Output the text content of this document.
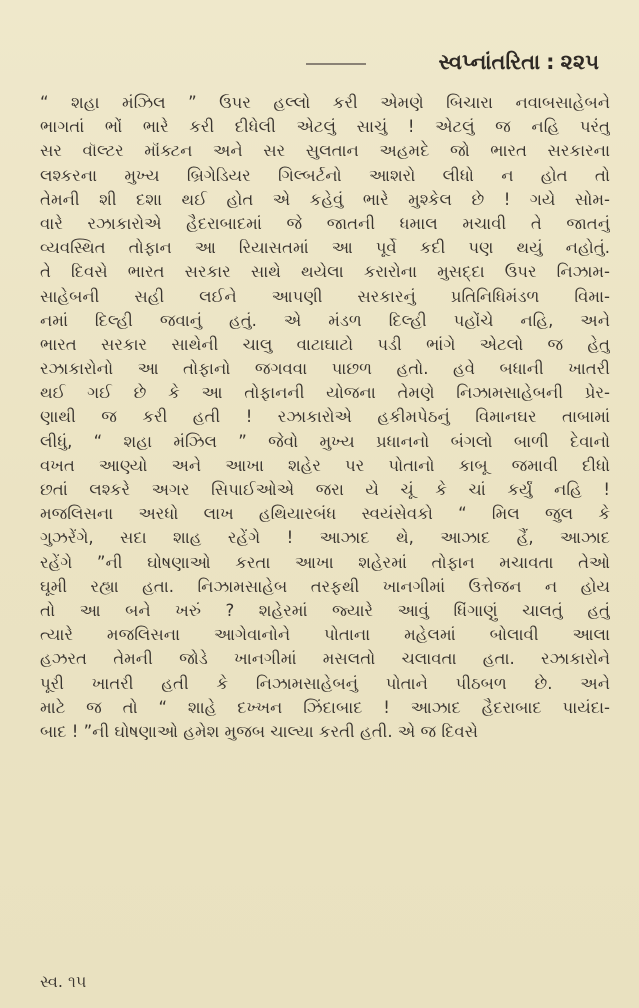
સ્વપ્નાંતરિતા : ૨૨૫
“ શહા મંઝિલ ” ઉપર હલ્લો કરી એમણે બિચારા નવાબસાહેબને
ભાગતાં ભોં ભારે કરી દીધેલી એટલું સાચું ! એટલું જ નહિ પરંતુ
સર વૉલ્ટર મૉંક્ટન અને સર સુલતાન અહમદે જો ભારત સરકારના
લશ્કરના મુખ્ય બ્રિગેડિયર ગિલ્બર્ટનો આશરો લીધો ન હોત તો
તેમની શી દશા થઈ હોત એ કહેવું ભારે મુશ્કેલ છે ! ગયે સોમ-
વારે રઝાકારોએ હૈદરાબાદમાં જે જાતની ધમાલ મચાવી તે જાતનું
વ્યવસ્થિત તોફાન આ રિયાસતમાં આ પૂર્વે કદી પણ થયું નહોતું.
તે દિવસે ભારત સરકાર સાથે થયેલા કરારોના મુસદ્દા ઉપર નિઝામ-
સાહેબની સહી લઈને આપણી સરકારનું પ્રતિનિધિમંડળ વિમા-
નમાં દિલ્હી જવાનું હતું. એ મંડળ દિલ્હી પહોંચે નહિ, અને
ભારત સરકાર સાથેની ચાલુ વાટાઘાટો પડી ભાંગે એટલો જ હેતુ
રઝાકારોનો આ તોફાનો જગવવા પાછળ હતો. હવે બધાની ખાતરી
થઈ ગઈ છે કે આ તોફાનની યોજના તેમણે નિઝામસાહેબની પ્રેર-
ણાથી જ કરી હતી ! રઝાકારોએ હકીમપેઠનું વિમાનઘર તાબામાં
લીધું, “ શહા મંઝિલ ” જેવો મુખ્ય પ્રધાનનો બંગલો બાળી દેવાનો
વખત આણ્યો અને આખા શહેર પર પોતાનો કાબૂ જમાવી દીધો
છતાં લશ્કરે અગર સિપાઈઓએ જરા યે ચૂં કે ચાં કર્યું નહિ !
મજલિસના અરધો લાખ હથિયારબંધ સ્વયંસેવકો “ મિલ જુલ કે
ગુઝરેંગે, સદા શાહ રહેંગે ! આઝાદ થે, આઝાદ હૈં, આઝાદ
રહેંગે ”ની ઘોષણાઓ કરતા આખા શહેરમાં તોફાન મચાવતા તેઓ
ઘૂમી રહ્યા હતા. નિઝામસાહેબ તરફથી ખાનગીમાં ઉત્તેજન ન હોય
તો આ બને ખરું ? શહેરમાં જ્યારે આવું ધિંગાણું ચાલતું હતું
ત્યારે મજલિસના આગેવાનોને પોતાના મહેલમાં બોલાવી આલા
હઝરત તેમની જોડે ખાનગીમાં મસલતો ચલાવતા હતા. રઝાકારોને
પૂરી ખાતરી હતી કે નિઝામસાહેબનું પોતાને પીઠબળ છે. અને
માટે જ તો “ શાહે દખ્ખન ઝિંદાબાદ ! આઝાદ હૈદરાબાદ પાયંદા-
બાદ ! ”ની ઘોષણાઓ હમેશ મુજબ ચાલ્યા કરતી હતી. એ જ દિવસે
સ્વ. ૧૫
